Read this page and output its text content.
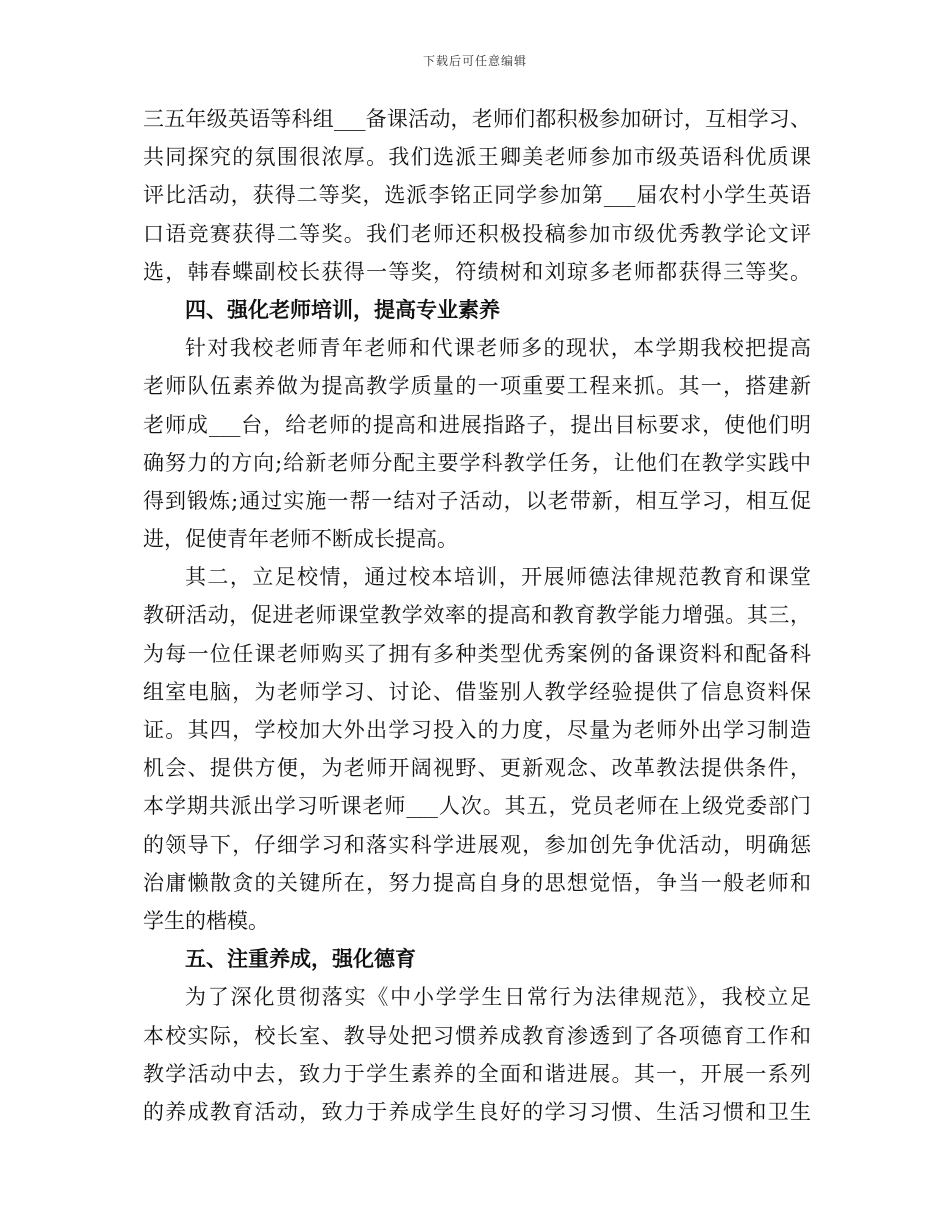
下载后可任意编辑
三五年级英语等科组___备课活动，老师们都积极参加研讨，互相学习、
共同探究的氛围很浓厚。我们选派王卿美老师参加市级英语科优质课
评比活动，获得二等奖，选派李铭正同学参加第___届农村小学生英语
口语竞赛获得二等奖。我们老师还积极投稿参加市级优秀教学论文评
选，韩春蝶副校长获得一等奖，符绩树和刘琼多老师都获得三等奖。
四、强化老师培训，提高专业素养
针对我校老师青年老师和代课老师多的现状，本学期我校把提高
老师队伍素养做为提高教学质量的一项重要工程来抓。其一，搭建新
老师成___台，给老师的提高和进展指路子，提出目标要求，使他们明
确努力的方向;给新老师分配主要学科教学任务，让他们在教学实践中
得到锻炼;通过实施一帮一结对子活动，以老带新，相互学习，相互促
进，促使青年老师不断成长提高。
其二，立足校情，通过校本培训，开展师德法律规范教育和课堂
教研活动，促进老师课堂教学效率的提高和教育教学能力增强。其三，
为每一位任课老师购买了拥有多种类型优秀案例的备课资料和配备科
组室电脑，为老师学习、讨论、借鉴别人教学经验提供了信息资料保
证。其四，学校加大外出学习投入的力度，尽量为老师外出学习制造
机会、提供方便，为老师开阔视野、更新观念、改革教法提供条件，
本学期共派出学习听课老师___人次。其五，党员老师在上级党委部门
的领导下，仔细学习和落实科学进展观，参加创先争优活动，明确惩
治庸懒散贪的关键所在，努力提高自身的思想觉悟，争当一般老师和
学生的楷模。
五、注重养成，强化德育
为了深化贯彻落实《中小学学生日常行为法律规范》，我校立足
本校实际，校长室、教导处把习惯养成教育渗透到了各项德育工作和
教学活动中去，致力于学生素养的全面和谐进展。其一，开展一系列
的养成教育活动，致力于养成学生良好的学习习惯、生活习惯和卫生
